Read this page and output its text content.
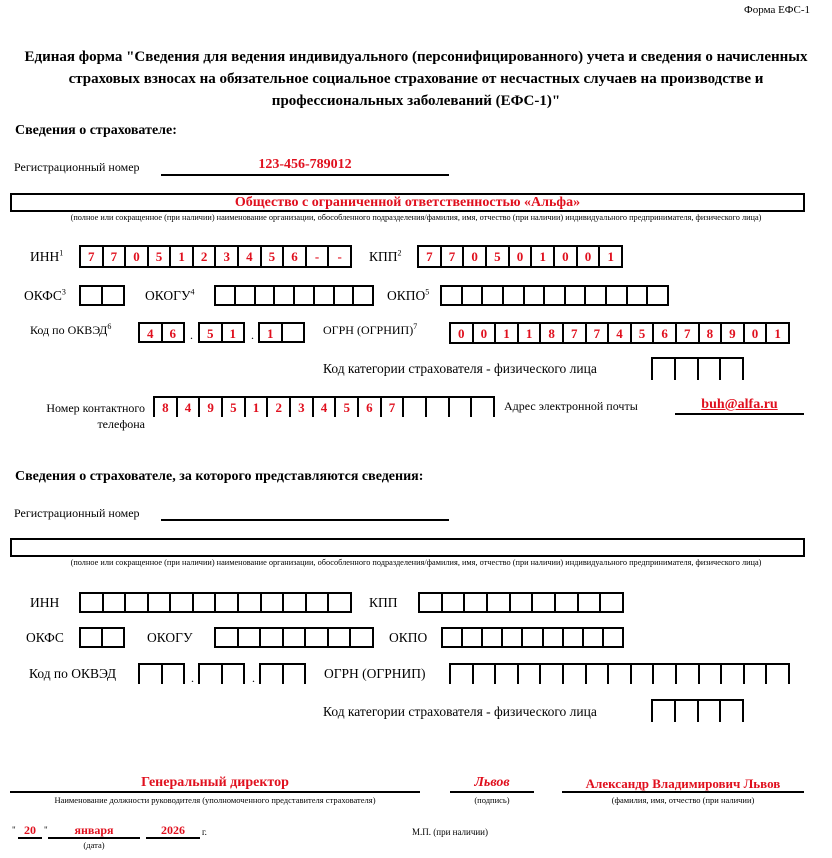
Форма ЕФС-1
Единая форма "Сведения для ведения индивидуального (персонифицированного) учета и сведения о начисленных страховых взносах на обязательное социальное страхование от несчастных случаев на производстве и профессиональных заболеваний (ЕФС-1)"
Сведения о страхователе:
Регистрационный номер	123-456-789012
Общество с ограниченной ответственностью «Альфа»
(полное или сокращенное (при наличии) наименование организации, обособленного подразделения/фамилия, имя, отчество (при наличии) индивидуального предпринимателя, физического лица)
ИНН$^1$	7	7	0	5	1	2	3	4	5	6	-	-	КПП$^2$	7	7	0	5	0	1	0	0	1
ОКФС$^3$	ОКОГУ$^4$	ОКПО$^5$
Код по ОКВЭД$^6$	4	6	.	5	1	.	1	ОГРН (ОГРНИП)$^7$	0	0	1	1	8	7	7	4	5	6	7	8	9	0	1
Код категории страхователя - физического лица
Номер контактного
телефона
8	4	9	5	1	2	3	4	5	6	7	Адрес электронной почты	buh@alfa.ru
Сведения о страхователе, за которого представляются сведения:
Регистрационный номер
(полное или сокращенное (при наличии) наименование организации, обособленного подразделения/фамилия, имя, отчество (при наличии) индивидуального предпринимателя, физического лица)
ИНН	КПП
ОКФС	ОКОГУ	ОКПО
Код по ОКВЭД	.	.	ОГРН (ОГРНИП)
Код категории страхователя - физического лица
Генеральный директор
Наименование должности руководителя (уполномоченного представителя страхователя)
Львов
(подпись)
Александр Владимирович Львов
(фамилия, имя, отчество (при наличии)
" 20 "	января
(дата)
2026	г.	М.П. (при наличии)
